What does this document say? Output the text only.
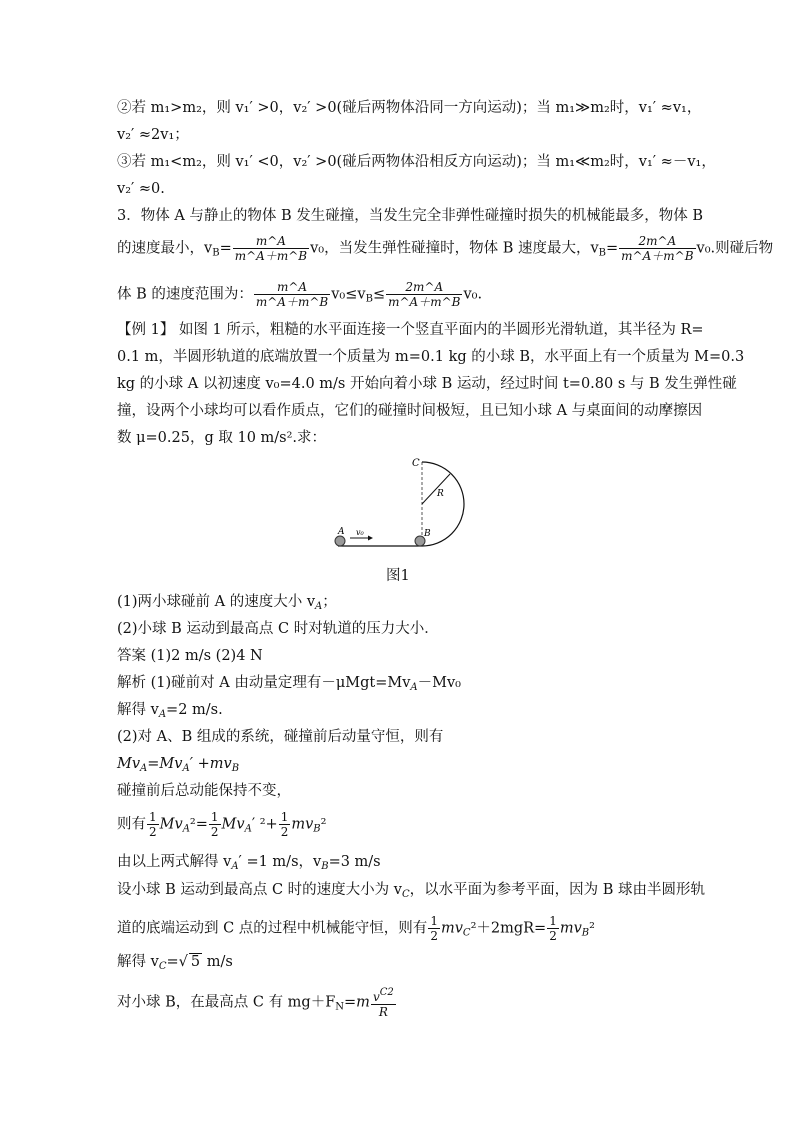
②若 m₁>m₂，则 v₁′ >0，v₂′ >0(碰后两物体沿同一方向运动)；当 m₁≫m₂时，v₁′ ≈v₁，
v₂′ ≈2v₁；
③若 m₁<m₂，则 v₁′ <0，v₂′ >0(碰后两物体沿相反方向运动)；当 m₁≪m₂时，v₁′ ≈－v₁，
v₂′ ≈0.
3．物体 A 与静止的物体 B 发生碰撞，当发生完全非弹性碰撞时损失的机械能最多，物体 B
的速度最小，$v_B= \frac{m\^{}A}{m\^{}A+m\^{}B} v_0$，当发生弹性碰撞时，物体 B 速度最大，$v_B= \frac{2m\^{}A}{m\^{}A+m\^{}B} v_0$.则碰后物
体 B 的速度范围为： $\frac{m\^{}A}{m\^{}A+m\^{}B} v_0\le v_B\le \frac{2m\^{}A}{m\^{}A+m\^{}B} v_0$.
【例 1】 如图 1 所示，粗糙的水平面连接一个竖直平面内的半圆形光滑轨道，其半径为 R=
0.1 m，半圆形轨道的底端放置一个质量为 m=0.1 kg 的小球 B，水平面上有一个质量为 M=0.3
kg 的小球 A 以初速度 v₀=4.0 m/s 开始向着小球 B 运动，经过时间 t=0.80 s 与 B 发生弹性碰
撞，设两个小球均可以看作质点，它们的碰撞时间极短，且已知小球 A 与桌面间的动摩擦因
数 μ=0.25，g 取 10 m/s².求：
C
R
A	B
v₀
图1
(1)两小球碰前 A 的速度大小 $v_A$；
(2)小球 B 运动到最高点 C 时对轨道的压力大小．
答案 (1)2 m/s (2)4 N
解析 (1)碰前对 A 由动量定理有$-\mu Mgt=Mv_A-Mv_0$
解得 $v_A=2$ m/s.
(2)对 A、B 组成的系统，碰撞前后动量守恒，则有
$Mv_A=Mv_A' +mv_B$
碰撞前后总动能保持不变，
则有 $\frac{1}{2} Mv_A^2= \frac{1}{2} Mv_A'$ $^2+ \frac{1}{2} mv_B^2$
由以上两式解得 $v_A' =1$ m/s，$v_B=3$ m/s
设小球 B 运动到最高点 C 时的速度大小为 $v_C$，以水平面为参考平面，因为 B 球由半圆形轨
道的底端运动到 C 点的过程中机械能守恒，则有 $\frac{1}{2} mv_C^2+2mgR= \frac{1}{2} mv_B^2$
解得 $v_C=√$ 5 m/s
对小球 B，在最高点 C 有 $mg+F_N=m \frac{v^{C2}}{R}$
